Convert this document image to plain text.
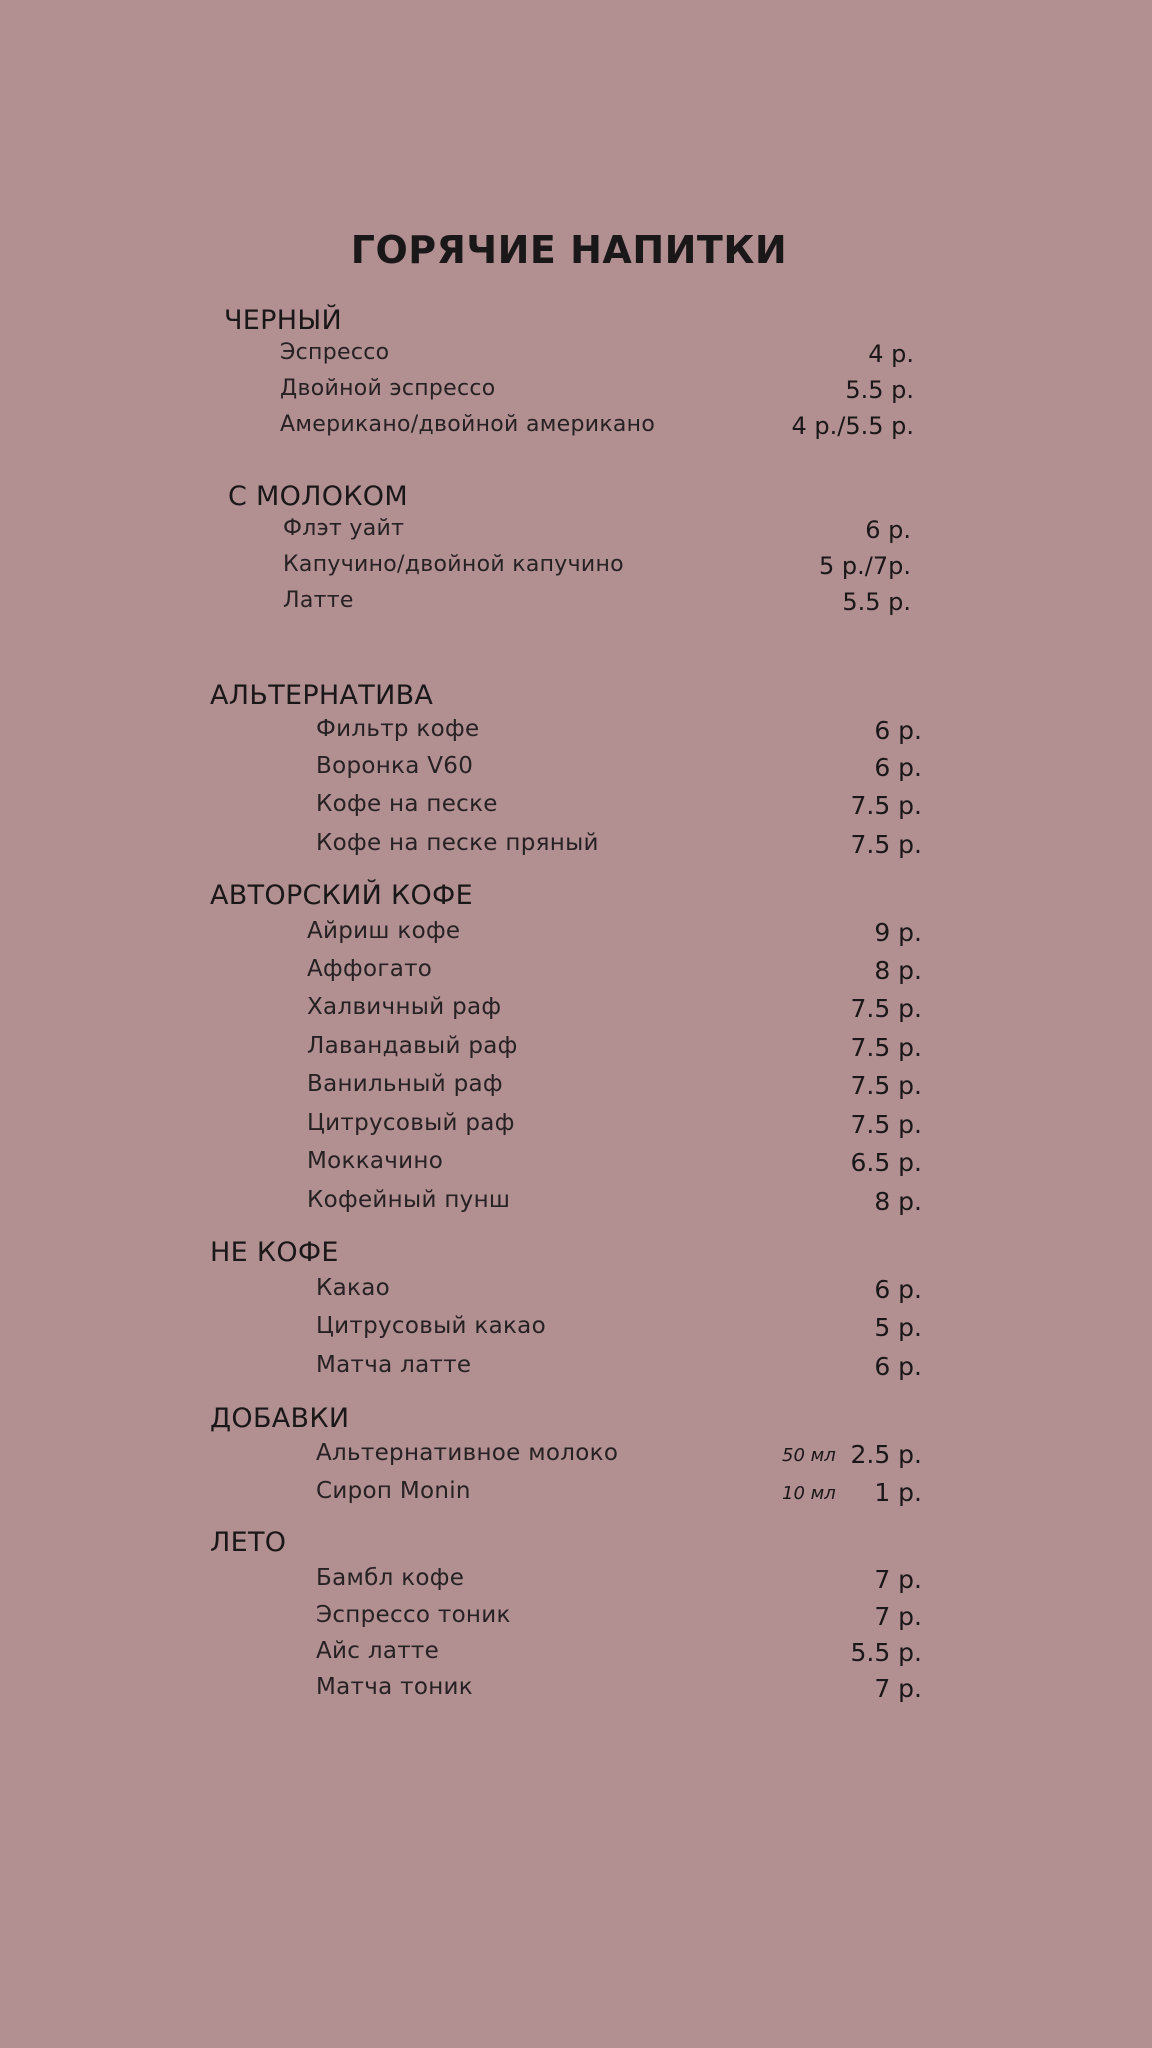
ГОРЯЧИЕ НАПИТКИ
ЧЕРНЫЙ
Эспрессо	4 р.
Двойной эспрессо	5.5 р.
Американо/двойной американо	4 р./5.5 р.
С МОЛОКОМ
Флэт уайт	6 р.
Капучино/двойной капучино	5 р./7р.
Латте	5.5 р.
АЛЬТЕРНАТИВА
Фильтр кофе	6 р.
Воронка V60	6 р.
Кофе на песке	7.5 р.
Кофе на песке пряный	7.5 р.
АВТОРСКИЙ КОФЕ
Айриш кофе	9 р.
Аффогато	8 р.
Халвичный раф	7.5 р.
Лавандавый раф	7.5 р.
Ванильный раф	7.5 р.
Цитрусовый раф	7.5 р.
Моккачино	6.5 р.
Кофейный пунш	8 р.
НЕ КОФЕ
Какао	6 р.
Цитрусовый какао	5 р.
Матча латте	6 р.
ДОБАВКИ
Альтернативное молоко	50 мл 2.5 р.
Сироп Monin	10 мл 1 р.
ЛЕТО
Бамбл кофе	7 р.
Эспрессо тоник	7 р.
Айс латте	5.5 р.
Матча тоник	7 р.
